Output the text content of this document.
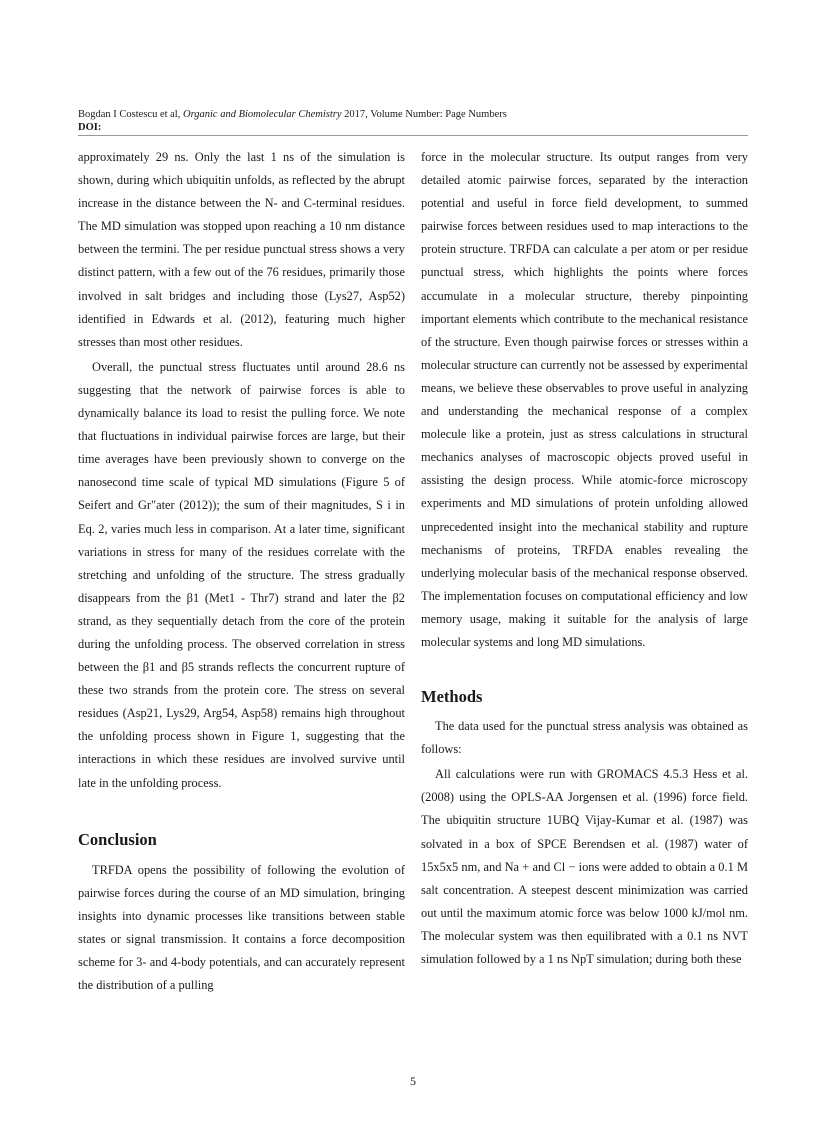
Bogdan I Costescu et al, Organic and Biomolecular Chemistry 2017, Volume Number: Page Numbers
DOI:

approximately 29 ns. Only the last 1 ns of the simulation is shown, during which ubiquitin unfolds, as reflected by the abrupt increase in the distance between the N- and C-terminal residues. The MD simulation was stopped upon reaching a 10 nm distance between the termini. The per residue punctual stress shows a very distinct pattern, with a few out of the 76 residues, primarily those involved in salt bridges and including those (Lys27, Asp52) identified in Edwards et al. (2012), featuring much higher stresses than most other residues.

Overall, the punctual stress fluctuates until around 28.6 ns suggesting that the network of pairwise forces is able to dynamically balance its load to resist the pulling force. We note that fluctuations in individual pairwise forces are large, but their time averages have been previously shown to converge on the nanosecond time scale of typical MD simulations (Figure 5 of Seifert and Gr"ater (2012)); the sum of their magnitudes, S i in Eq. 2, varies much less in comparison. At a later time, significant variations in stress for many of the residues correlate with the stretching and unfolding of the structure. The stress gradually disappears from the β1 (Met1 - Thr7) strand and later the β2 strand, as they sequentially detach from the core of the protein during the unfolding process. The observed correlation in stress between the β1 and β5 strands reflects the concurrent rupture of these two strands from the protein core. The stress on several residues (Asp21, Lys29, Arg54, Asp58) remains high throughout the unfolding process shown in Figure 1, suggesting that the interactions in which these residues are involved survive until late in the unfolding process.

Conclusion

TRFDA opens the possibility of following the evolution of pairwise forces during the course of an MD simulation, bringing insights into dynamic processes like transitions between stable states or signal transmission. It contains a force decomposition scheme for 3- and 4-body potentials, and can accurately represent the distribution of a pulling

force in the molecular structure. Its output ranges from very detailed atomic pairwise forces, separated by the interaction potential and useful in force field development, to summed pairwise forces between residues used to map interactions to the protein structure. TRFDA can calculate a per atom or per residue punctual stress, which highlights the points where forces accumulate in a molecular structure, thereby pinpointing important elements which contribute to the mechanical resistance of the structure. Even though pairwise forces or stresses within a molecular structure can currently not be assessed by experimental means, we believe these observables to prove useful in analyzing and understanding the mechanical response of a complex molecule like a protein, just as stress calculations in structural mechanics analyses of macroscopic objects proved useful in assisting the design process. While atomic-force microscopy experiments and MD simulations of protein unfolding allowed unprecedented insight into the mechanical stability and rupture mechanisms of proteins, TRFDA enables revealing the underlying molecular basis of the mechanical response observed. The implementation focuses on computational efficiency and low memory usage, making it suitable for the analysis of large molecular systems and long MD simulations.

Methods

The data used for the punctual stress analysis was obtained as follows:

All calculations were run with GROMACS 4.5.3 Hess et al. (2008) using the OPLS-AA Jorgensen et al. (1996) force field. The ubiquitin structure 1UBQ Vijay-Kumar et al. (1987) was solvated in a box of SPCE Berendsen et al. (1987) water of 15x5x5 nm, and Na + and Cl − ions were added to obtain a 0.1 M salt concentration. A steepest descent minimization was carried out until the maximum atomic force was below 1000 kJ/mol nm. The molecular system was then equilibrated with a 0.1 ns NVT simulation followed by a 1 ns NpT simulation; during both these

5
